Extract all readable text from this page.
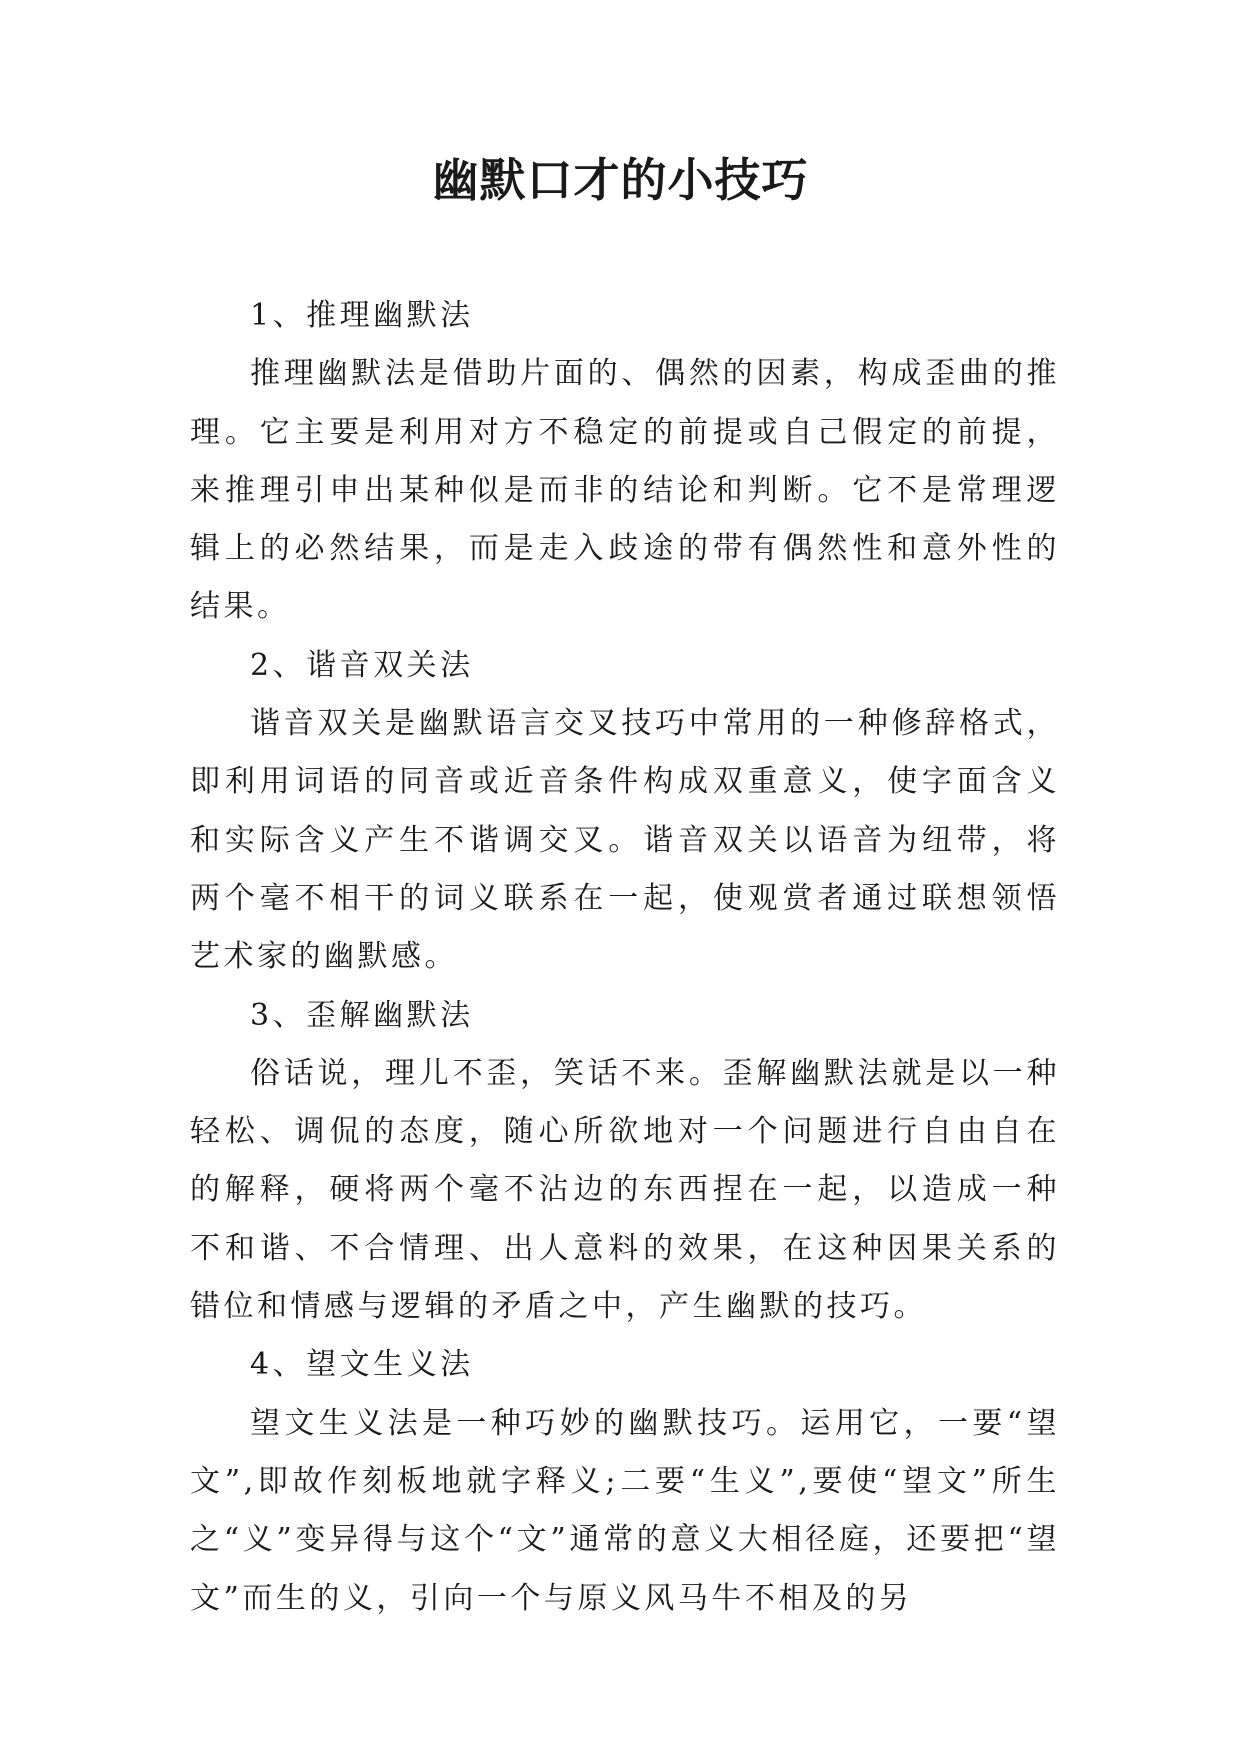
幽默口才的小技巧

1、推理幽默法

推理幽默法是借助片面的、偶然的因素，构成歪曲的推理。它主要是利用对方不稳定的前提或自己假定的前提，来推理引申出某种似是而非的结论和判断。它不是常理逻辑上的必然结果，而是走入歧途的带有偶然性和意外性的结果。

2、谐音双关法

谐音双关是幽默语言交叉技巧中常用的一种修辞格式，即利用词语的同音或近音条件构成双重意义，使字面含义和实际含义产生不谐调交叉。谐音双关以语音为纽带，将两个毫不相干的词义联系在一起，使观赏者通过联想领悟艺术家的幽默感。

3、歪解幽默法

俗话说，理儿不歪，笑话不来。歪解幽默法就是以一种轻松、调侃的态度，随心所欲地对一个问题进行自由自在的解释，硬将两个毫不沾边的东西捏在一起，以造成一种不和谐、不合情理、出人意料的效果，在这种因果关系的错位和情感与逻辑的矛盾之中，产生幽默的技巧。

4、望文生义法

望文生义法是一种巧妙的幽默技巧。运用它，一要“望文”,即故作刻板地就字释义;二要“生义”,要使“望文”所生之“义”变异得与这个“文”通常的意义大相径庭，还要把“望文”而生的义，引向一个与原义风马牛不相及的另
